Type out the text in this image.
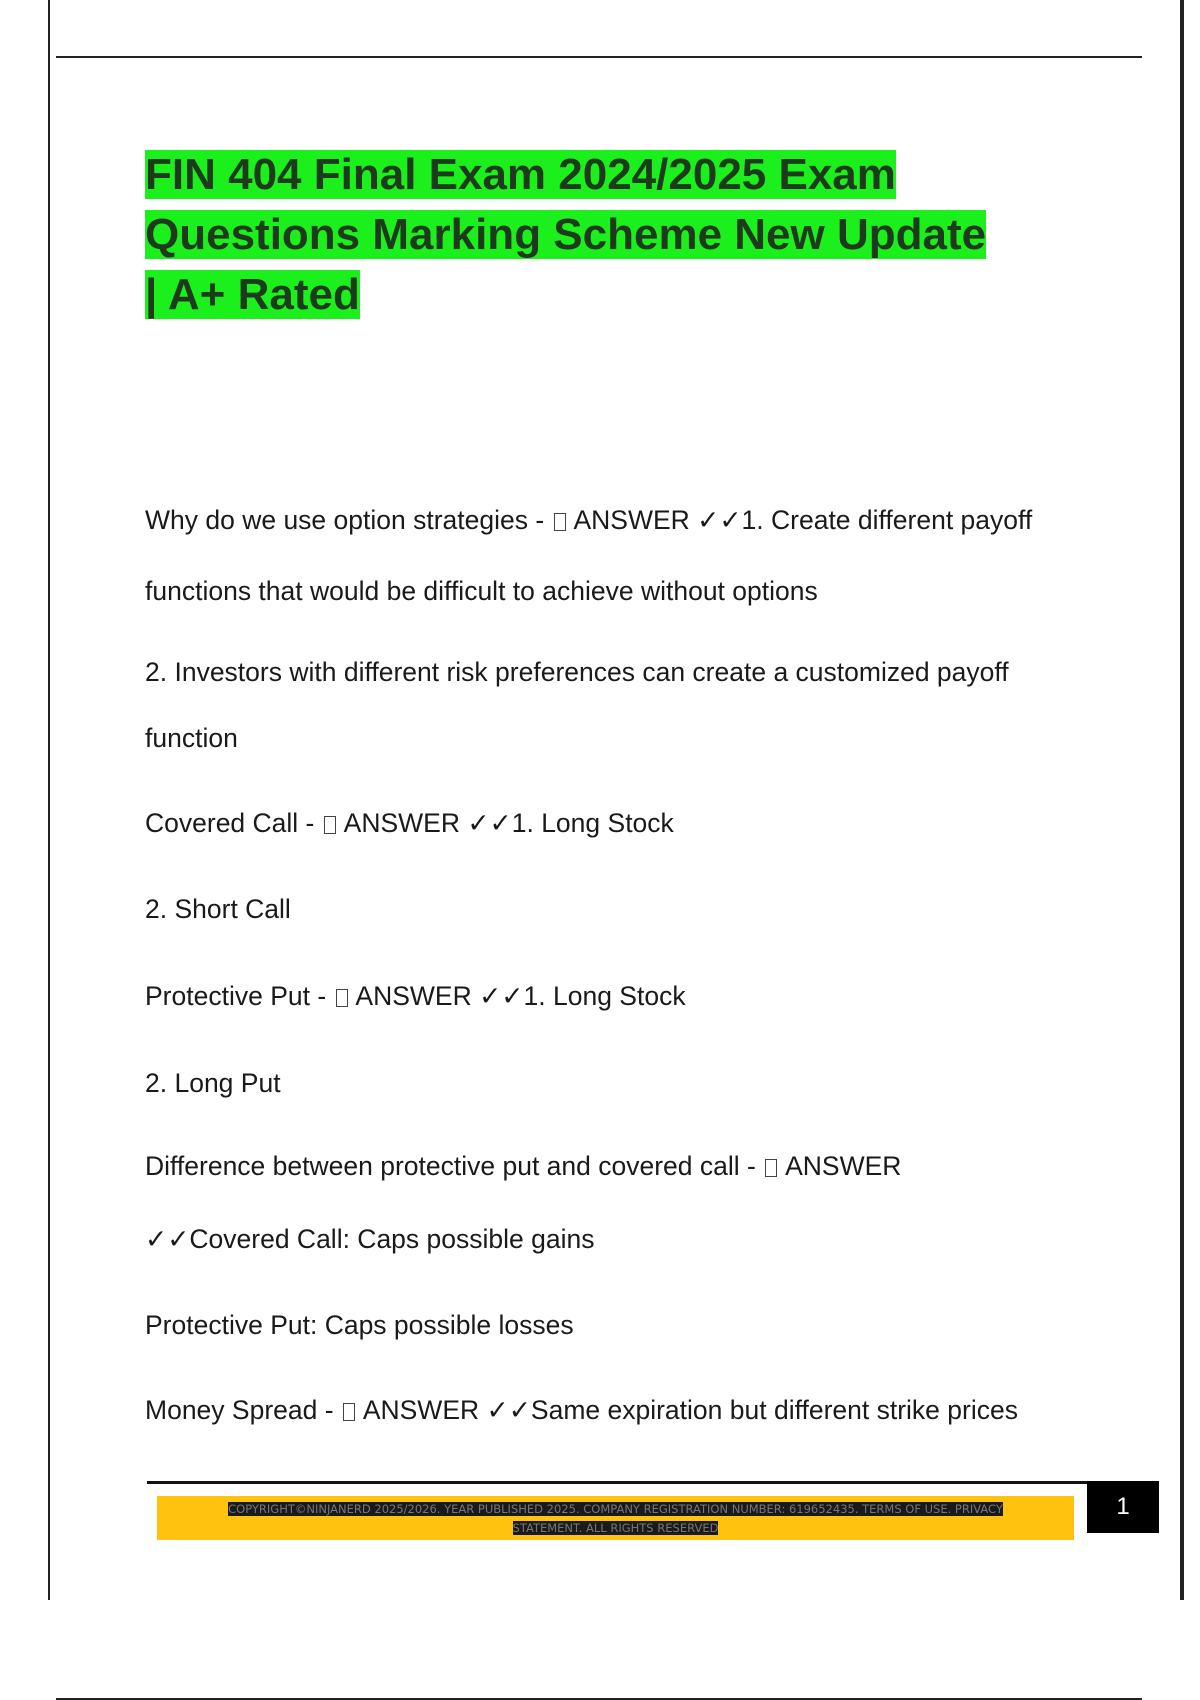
FIN 404 Final Exam 2024/2025 Exam
Questions Marking Scheme New Update
| A+ Rated
Why do we use option strategies -  ANSWER ✓✓1. Create different payoff
functions that would be difficult to achieve without options
2. Investors with different risk preferences can create a customized payoff
function
Covered Call -  ANSWER ✓✓1. Long Stock
2. Short Call
Protective Put -  ANSWER ✓✓1. Long Stock
2. Long Put
Difference between protective put and covered call -  ANSWER
✓✓Covered Call: Caps possible gains
Protective Put: Caps possible losses
Money Spread -  ANSWER ✓✓Same expiration but different strike prices
COPYRIGHT©NINJANERD 2025/2026. YEAR PUBLISHED 2025. COMPANY REGISTRATION NUMBER: 619652435. TERMS OF USE. PRIVACY
STATEMENT. ALL RIGHTS RESERVED
1
